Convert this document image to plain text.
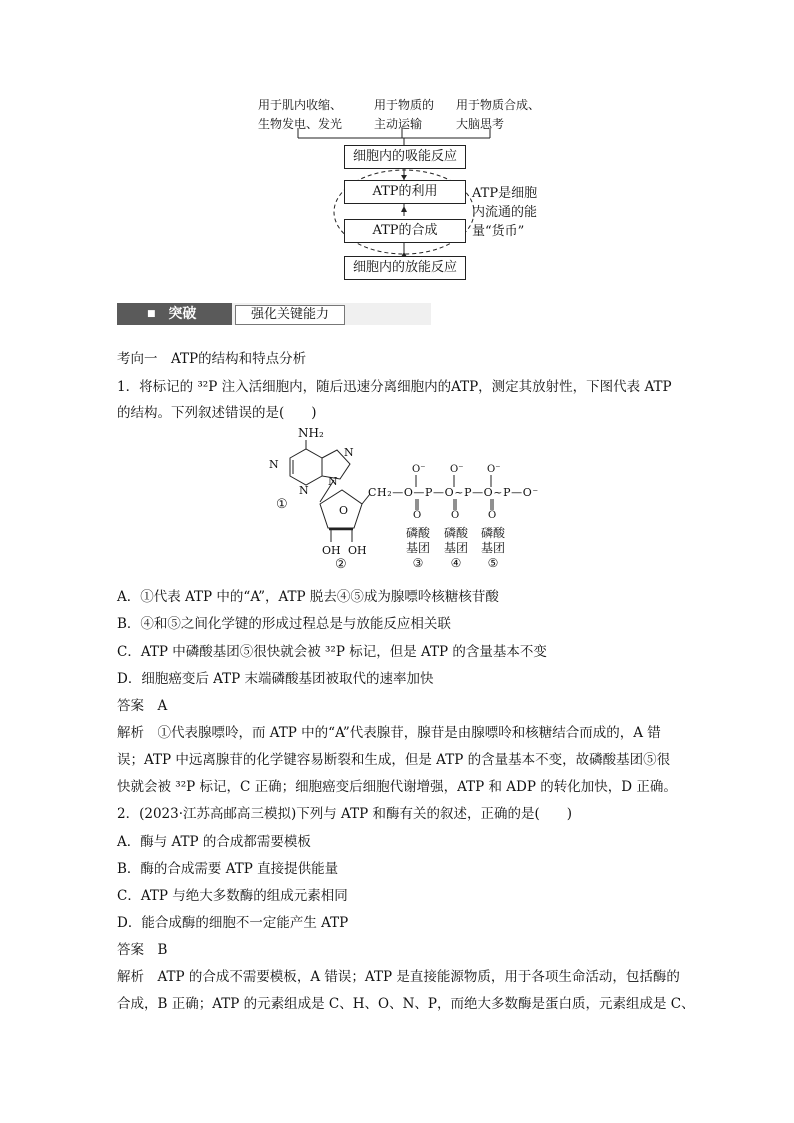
用于肌内收缩、
生物发电、发光
用于物质的
主动运输
用于物质合成、
大脑思考
细胞内的吸能反应
ATP的利用
ATP的合成
细胞内的放能反应
ATP是细胞
内流通的能
量“货币”
■ 突破	强化关键能力
考向一　ATP的结构和特点分析
1．将标记的 ³²P 注入活细胞内，随后迅速分离细胞内的ATP，测定其放射性，下图代表 ATP
的结构。下列叙述错误的是(　　)
NH₂
N
N
N
N
①	O
OH OH
②
O⁻ O⁻ O⁻
CH₂—O—P—O~P—O~P—O⁻
O	O	O
磷酸
基团
③
磷酸
基团
④
磷酸
基团
⑤
A．①代表 ATP 中的“A”，ATP 脱去④⑤成为腺嘌呤核糖核苷酸
B．④和⑤之间化学键的形成过程总是与放能反应相关联
C．ATP 中磷酸基团⑤很快就会被 ³²P 标记，但是 ATP 的含量基本不变
D．细胞癌变后 ATP 末端磷酸基团被取代的速率加快
答案　A
解析　①代表腺嘌呤，而 ATP 中的“A”代表腺苷，腺苷是由腺嘌呤和核糖结合而成的，A 错
误；ATP 中远离腺苷的化学键容易断裂和生成，但是 ATP 的含量基本不变，故磷酸基团⑤很
快就会被 ³²P 标记，C 正确；细胞癌变后细胞代谢增强，ATP 和 ADP 的转化加快，D 正确。
2．(2023·江苏高邮高三模拟)下列与 ATP 和酶有关的叙述，正确的是(　　)
A．酶与 ATP 的合成都需要模板
B．酶的合成需要 ATP 直接提供能量
C．ATP 与绝大多数酶的组成元素相同
D．能合成酶的细胞不一定能产生 ATP
答案　B
解析　ATP 的合成不需要模板，A 错误；ATP 是直接能源物质，用于各项生命活动，包括酶的
合成，B 正确；ATP 的元素组成是 C、H、O、N、P，而绝大多数酶是蛋白质，元素组成是 C、
